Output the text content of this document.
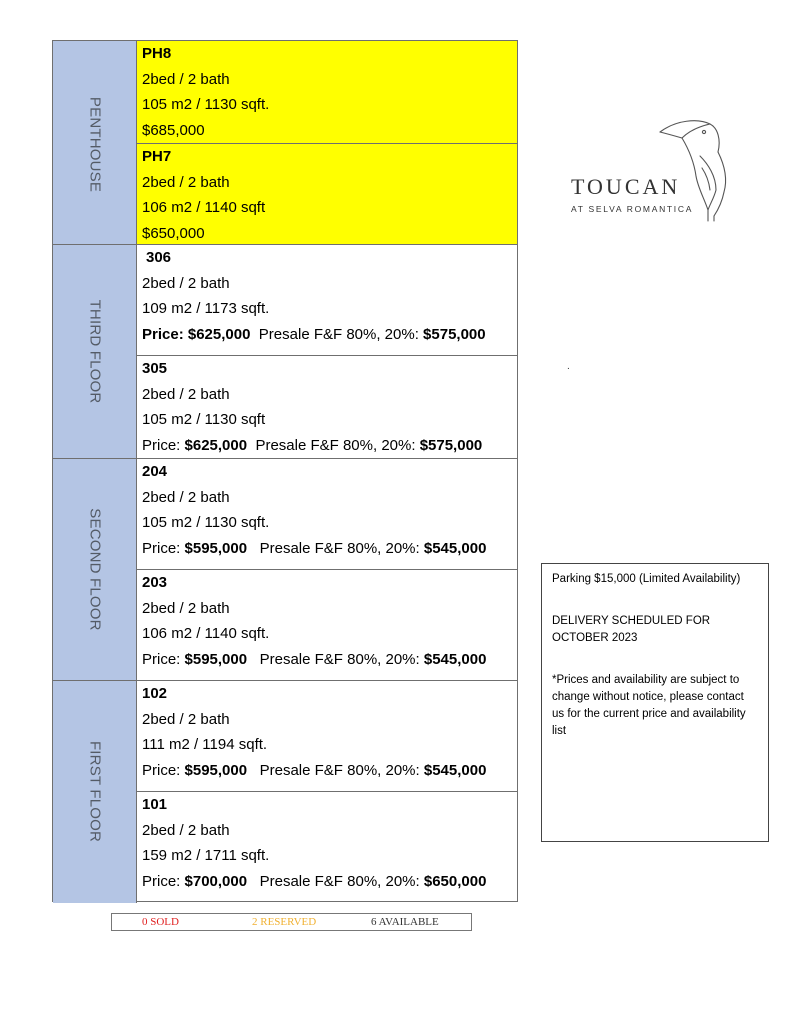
PENTHOUSE
THIRD FLOOR
SECOND FLOOR
FIRST FLOOR
PH8
2bed / 2 bath
105 m2 / 1130 sqft.
$685,000
PH7
2bed / 2 bath
106 m2 / 1140 sqft
$650,000
306
2bed / 2 bath
109 m2 / 1173 sqft.
Price: $625,000 Presale F&F 80%, 20%: $575,000
305
2bed / 2 bath
105 m2 / 1130 sqft
Price: $625,000 Presale F&F 80%, 20%: $575,000
204
2bed / 2 bath
105 m2 / 1130 sqft.
Price: $595,000 Presale F&F 80%, 20%: $545,000
203
2bed / 2 bath
106 m2 / 1140 sqft.
Price: $595,000 Presale F&F 80%, 20%: $545,000
102
2bed / 2 bath
111 m2 / 1194 sqft.
Price: $595,000 Presale F&F 80%, 20%: $545,000
101
2bed / 2 bath
159 m2 / 1711 sqft.
Price: $700,000 Presale F&F 80%, 20%: $650,000
0 SOLD	2 RESERVED	6 AVAILABLE

Parking $15,000 (Limited Availability)

DELIVERY SCHEDULED FOR OCTOBER 2023

*Prices and availability are subject to change without notice, please contact us for the current price and availability list

TOUCAN
AT SELVA ROMANTICA
.
